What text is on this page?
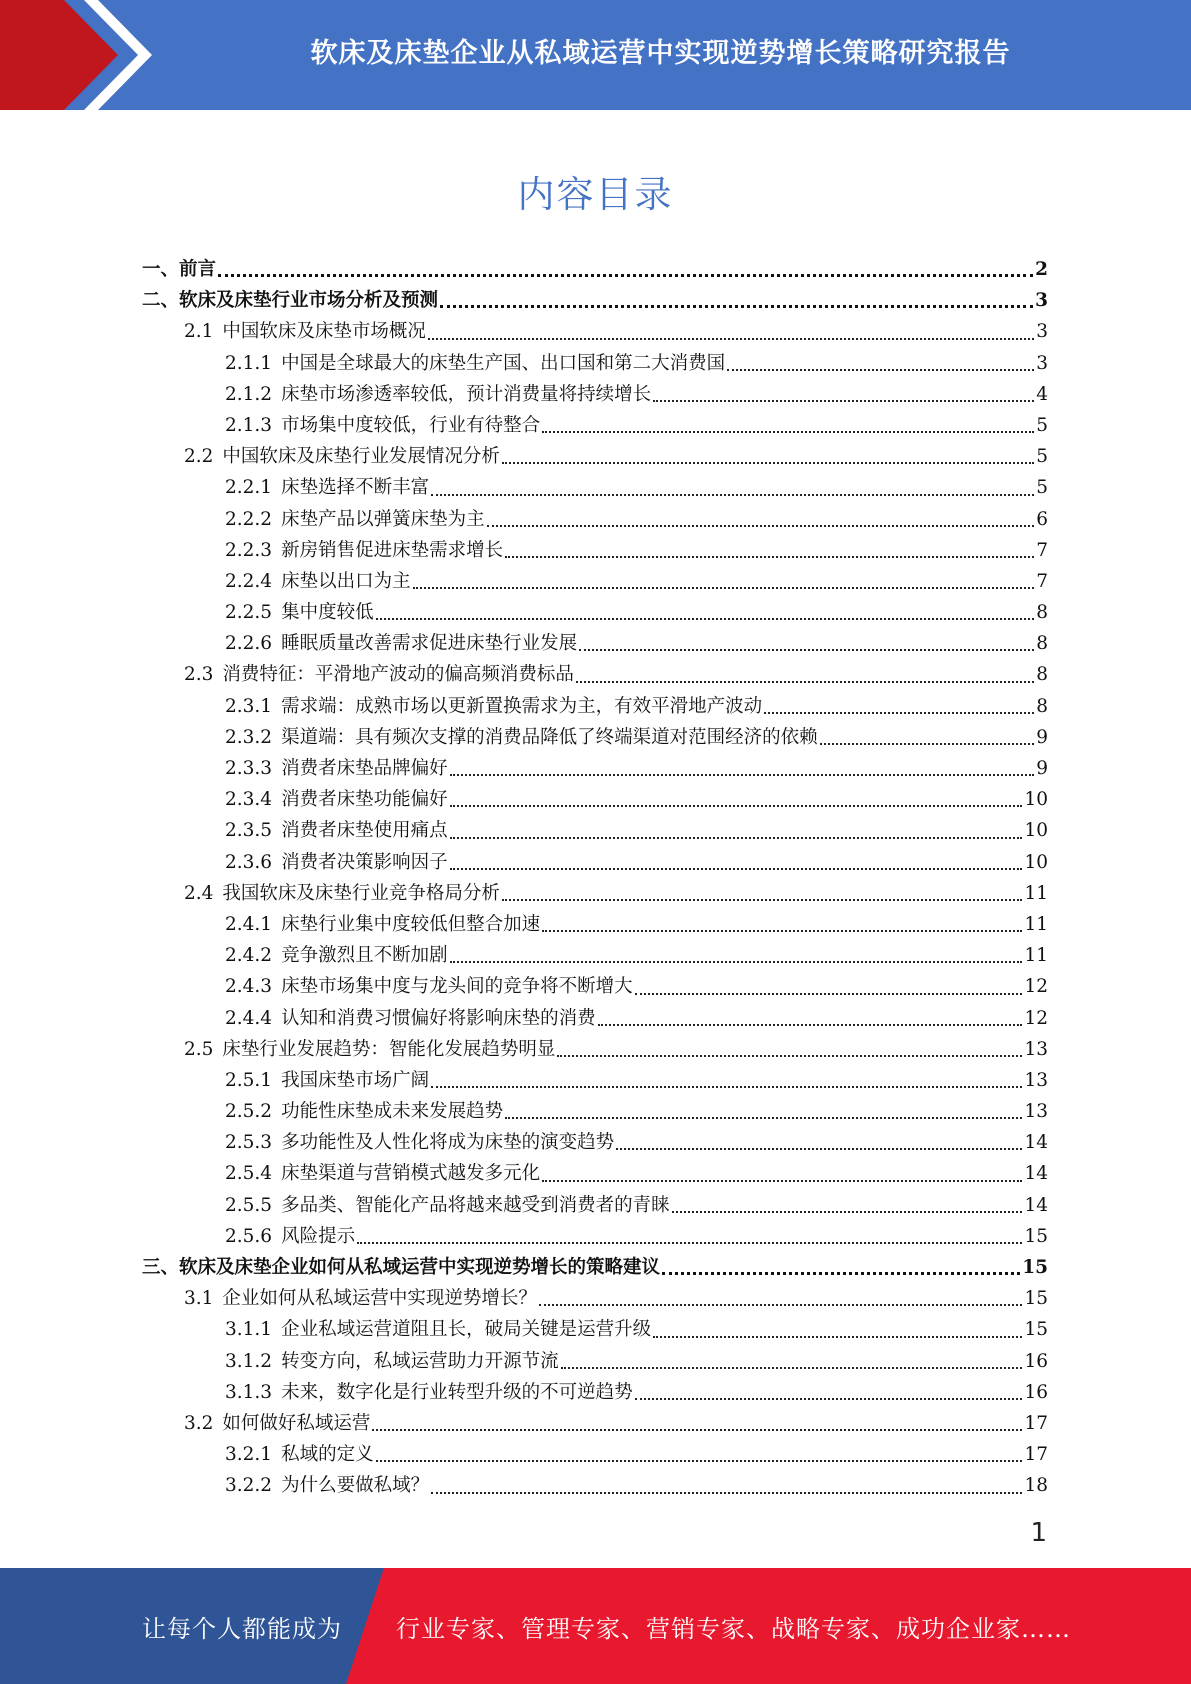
软床及床垫企业从私域运营中实现逆势增长策略研究报告
内容目录
一、前言	2
二、软床及床垫行业市场分析及预测	3
2.1 中国软床及床垫市场概况	3
2.1.1 中国是全球最大的床垫生产国、出口国和第二大消费国	3
2.1.2 床垫市场渗透率较低，预计消费量将持续增长	4
2.1.3 市场集中度较低，行业有待整合	5
2.2 中国软床及床垫行业发展情况分析	5
2.2.1 床垫选择不断丰富	5
2.2.2 床垫产品以弹簧床垫为主	6
2.2.3 新房销售促进床垫需求增长	7
2.2.4 床垫以出口为主	7
2.2.5 集中度较低	8
2.2.6 睡眠质量改善需求促进床垫行业发展	8
2.3 消费特征：平滑地产波动的偏高频消费标品	8
2.3.1 需求端：成熟市场以更新置换需求为主，有效平滑地产波动	8
2.3.2 渠道端：具有频次支撑的消费品降低了终端渠道对范围经济的依赖	9
2.3.3 消费者床垫品牌偏好	9
2.3.4 消费者床垫功能偏好	10
2.3.5 消费者床垫使用痛点	10
2.3.6 消费者决策影响因子	10
2.4 我国软床及床垫行业竞争格局分析	11
2.4.1 床垫行业集中度较低但整合加速	11
2.4.2 竞争激烈且不断加剧	11
2.4.3 床垫市场集中度与龙头间的竞争将不断增大	12
2.4.4 认知和消费习惯偏好将影响床垫的消费	12
2.5 床垫行业发展趋势：智能化发展趋势明显	13
2.5.1 我国床垫市场广阔	13
2.5.2 功能性床垫成未来发展趋势	13
2.5.3 多功能性及人性化将成为床垫的演变趋势	14
2.5.4 床垫渠道与营销模式越发多元化	14
2.5.5 多品类、智能化产品将越来越受到消费者的青睐	14
2.5.6 风险提示	15
三、软床及床垫企业如何从私域运营中实现逆势增长的策略建议	15
3.1 企业如何从私域运营中实现逆势增长？	15
3.1.1 企业私域运营道阻且长，破局关键是运营升级	15
3.1.2 转变方向，私域运营助力开源节流	16
3.1.3 未来，数字化是行业转型升级的不可逆趋势	16
3.2 如何做好私域运营	17
3.2.1 私域的定义	17
3.2.2 为什么要做私域？	18
1
让每个人都能成为 行业专家、管理专家、营销专家、战略专家、成功企业家……
